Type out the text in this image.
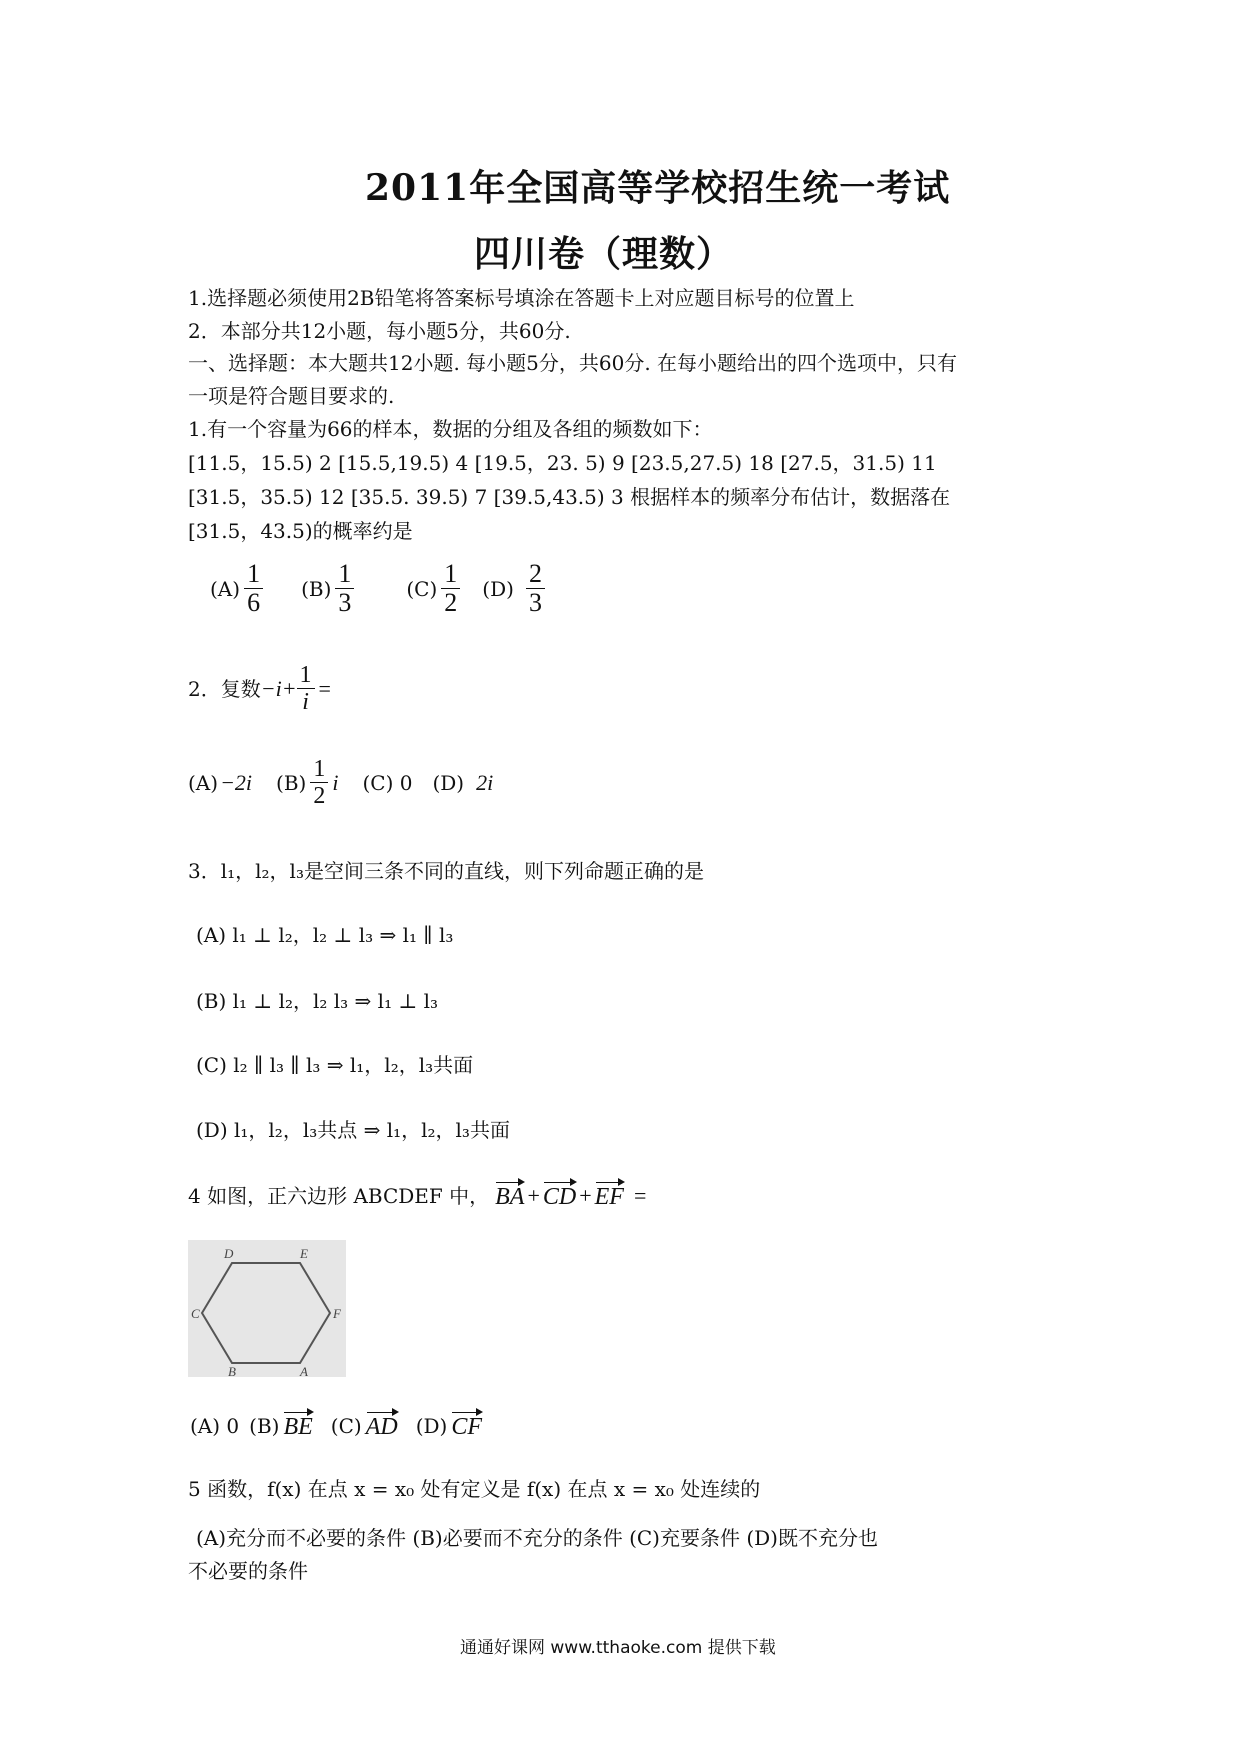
2011年全国高等学校招生统一考试
四川卷（理数）
1.选择题必须使用2B铅笔将答案标号填涂在答题卡上对应题目标号的位置上
2．本部分共12小题，每小题5分，共60分.
一、选择题：本大题共12小题. 每小题5分，共60分. 在每小题给出的四个选项中，只有
一项是符合题目要求的.
1.有一个容量为66的样本，数据的分组及各组的频数如下：
[11.5，15.5) 2 [15.5,19.5) 4 [19.5，23. 5) 9 [23.5,27.5) 18 [27.5，31.5) 11
[31.5，35.5) 12 [35.5. 39.5) 7 [39.5,43.5) 3 根据样本的频率分布估计，数据落在
[31.5，43.5)的概率约是
$(A) \frac{1}{6} (B) \frac{1}{3}$	$(C) \frac{1}{2} (D) \frac{2}{3}$
2．复数 $-i+ \frac{1}{i}$ =
(A) −2i $(B) \frac{1}{2}$ i (C) 0 (D) 2i
3．l₁，l₂，l₃是空间三条不同的直线，则下列命题正确的是
(A) l₁ ⊥ l₂，l₂ ⊥ l₃ ⇒ l₁ ∥ l₃
(B) l₁ ⊥ l₂，l₂ l₃ ⇒ l₁ ⊥ l₃
(C) l₂ ∥ l₃ ∥ l₃ ⇒ l₁，l₂，l₃共面
(D) l₁，l₂，l₃共点 ⇒ l₁，l₂，l₃共面
4 如图，正六边形 ABCDEF 中， BA + CD + EF =
D	E
C	F
B	A
(A) 0 (B) BE (C) AD (D) CF
5 函数，f(x) 在点 x = x₀ 处有定义是 f(x) 在点 x = x₀ 处连续的
(A)充分而不必要的条件 (B)必要而不充分的条件 (C)充要条件 (D)既不充分也
不必要的条件
通通好课网 www.tthaoke.com 提供下载
